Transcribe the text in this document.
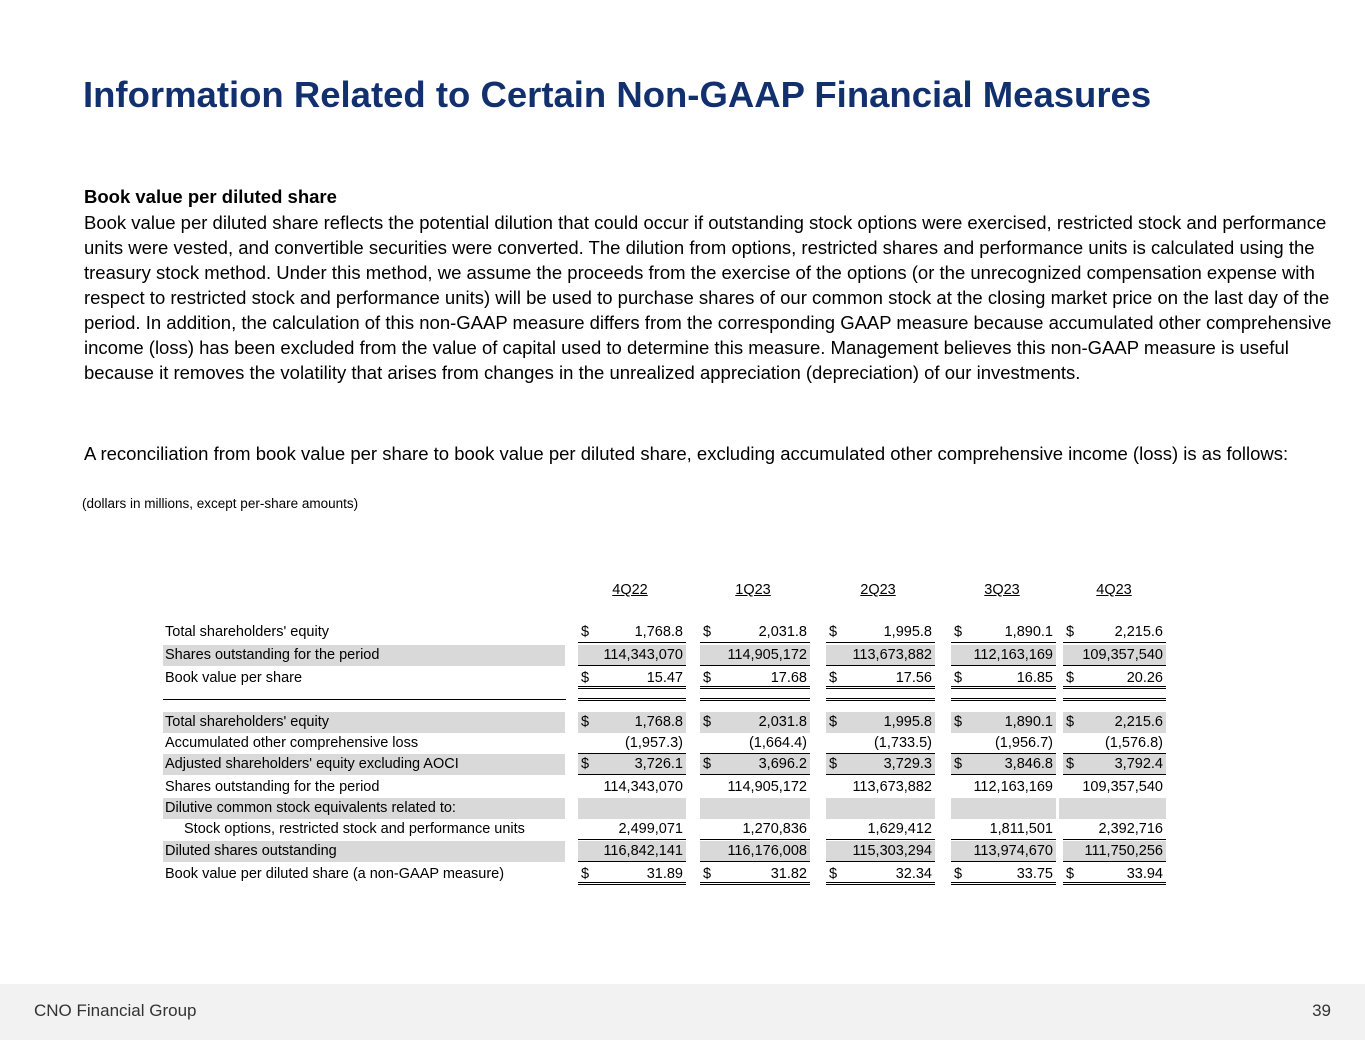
Information Related to Certain Non-GAAP Financial Measures
Book value per diluted share
Book value per diluted share reflects the potential dilution that could occur if outstanding stock options were exercised, restricted stock and performance units were vested, and convertible securities were converted. The dilution from options, restricted shares and performance units is calculated using the treasury stock method. Under this method, we assume the proceeds from the exercise of the options (or the unrecognized compensation expense with respect to restricted stock and performance units) will be used to purchase shares of our common stock at the closing market price on the last day of the period. In addition, the calculation of this non-GAAP measure differs from the corresponding GAAP measure because accumulated other comprehensive income (loss) has been excluded from the value of capital used to determine this measure. Management believes this non-GAAP measure is useful because it removes the volatility that arises from changes in the unrealized appreciation (depreciation) of our investments.
A reconciliation from book value per share to book value per diluted share, excluding accumulated other comprehensive income (loss) is as follows:
(dollars in millions, except per-share amounts)
4Q22	1Q23	2Q23	3Q23	4Q23
Total shareholders' equity	$	1,768.8 $	2,031.8 $	1,995.8 $	1,890.1 $	2,215.6
Shares outstanding for the period	114,343,070	114,905,172	113,673,882	112,163,169 109,357,540
Book value per share	$	15.47 $	17.68 $	17.56 $	16.85 $	20.26
Total shareholders' equity	$	1,768.8 $	2,031.8 $	1,995.8 $	1,890.1 $	2,215.6
Accumulated other comprehensive loss	(1,957.3)	(1,664.4)	(1,733.5)	(1,956.7)	(1,576.8)
Adjusted shareholders' equity excluding AOCI	$	3,726.1 $	3,696.2 $	3,729.3 $	3,846.8 $	3,792.4
Shares outstanding for the period	114,343,070	114,905,172	113,673,882	112,163,169 109,357,540
Dilutive common stock equivalents related to:
Stock options, restricted stock and performance units	2,499,071	1,270,836	1,629,412	1,811,501	2,392,716
Diluted shares outstanding	116,842,141	116,176,008	115,303,294	113,974,670 111,750,256
Book value per diluted share (a non-GAAP measure)	$	31.89 $	31.82 $	32.34 $	33.75 $	33.94
CNO Financial Group	39
